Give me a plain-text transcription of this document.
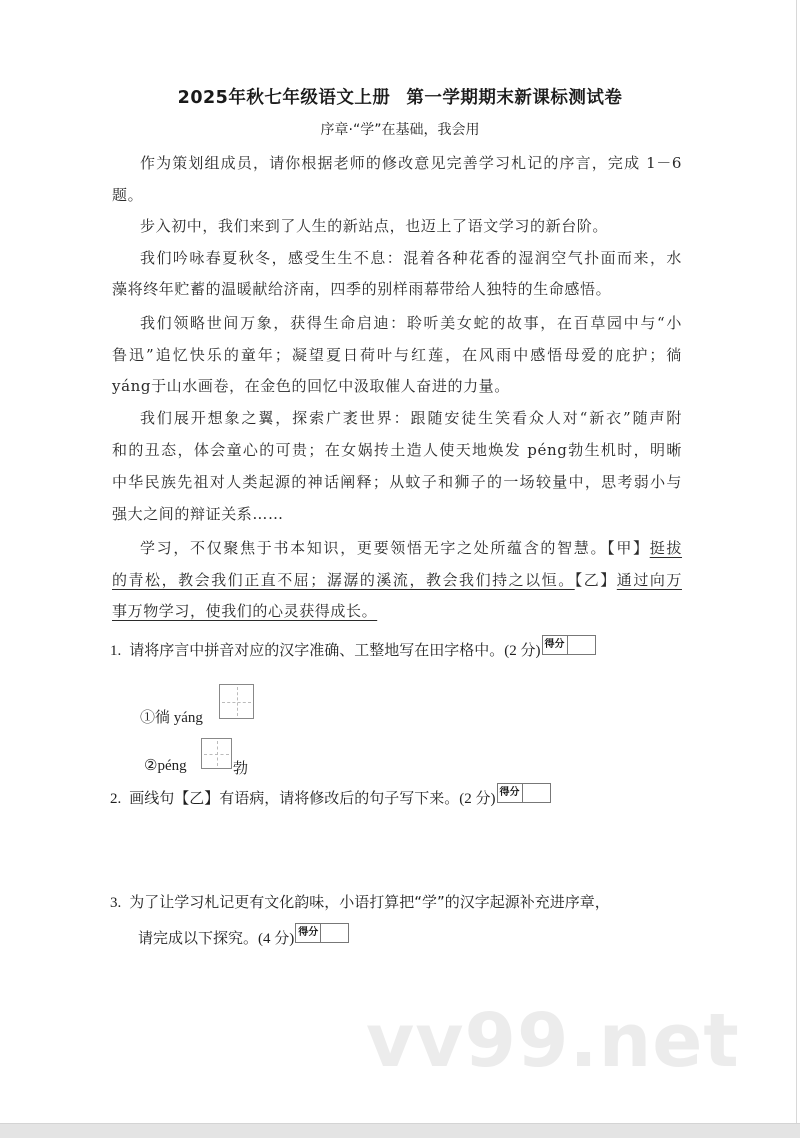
2025年秋七年级语文上册 第一学期期末新课标测试卷
序章·“学”在基础，我会用
作为策划组成员，请你根据老师的修改意见完善学习札记的序言，完成 1－6
题。
步入初中，我们来到了人生的新站点，也迈上了语文学习的新台阶。
我们吟咏春夏秋冬，感受生生不息：混着各种花香的湿润空气扑面而来，水
藻将终年贮蓄的温暖献给济南，四季的别样雨幕带给人独特的生命感悟。
我们领略世间万象，获得生命启迪：聆听美女蛇的故事，在百草园中与“小
鲁迅”追忆快乐的童年；凝望夏日荷叶与红莲，在风雨中感悟母爱的庇护；徜
yáng于山水画卷，在金色的回忆中汲取催人奋进的力量。
我们展开想象之翼，探索广袤世界：跟随安徒生笑看众人对“新衣”随声附
和的丑态，体会童心的可贵；在女娲抟土造人使天地焕发 péng勃生机时，明晰
中华民族先祖对人类起源的神话阐释；从蚊子和狮子的一场较量中，思考弱小与
强大之间的辩证关系……
学习，不仅聚焦于书本知识，更要领悟无字之处所蕴含的智慧。【甲】挺拔
的青松，教会我们正直不屈；潺潺的溪流，教会我们持之以恒。【乙】通过向万
事万物学习，使我们的心灵获得成长。
1. 请将序言中拼音对应的汉字准确、工整地写在田字格中。(2 分) 得分
①徜 yáng
②péng	勃
2. 画线句【乙】有语病，请将修改后的句子写下来。(2 分) 得分
3. 为了让学习札记更有文化韵味，小语打算把“学”的汉字起源补充进序章，
请完成以下探究。(4 分) 得分
vv99.net
